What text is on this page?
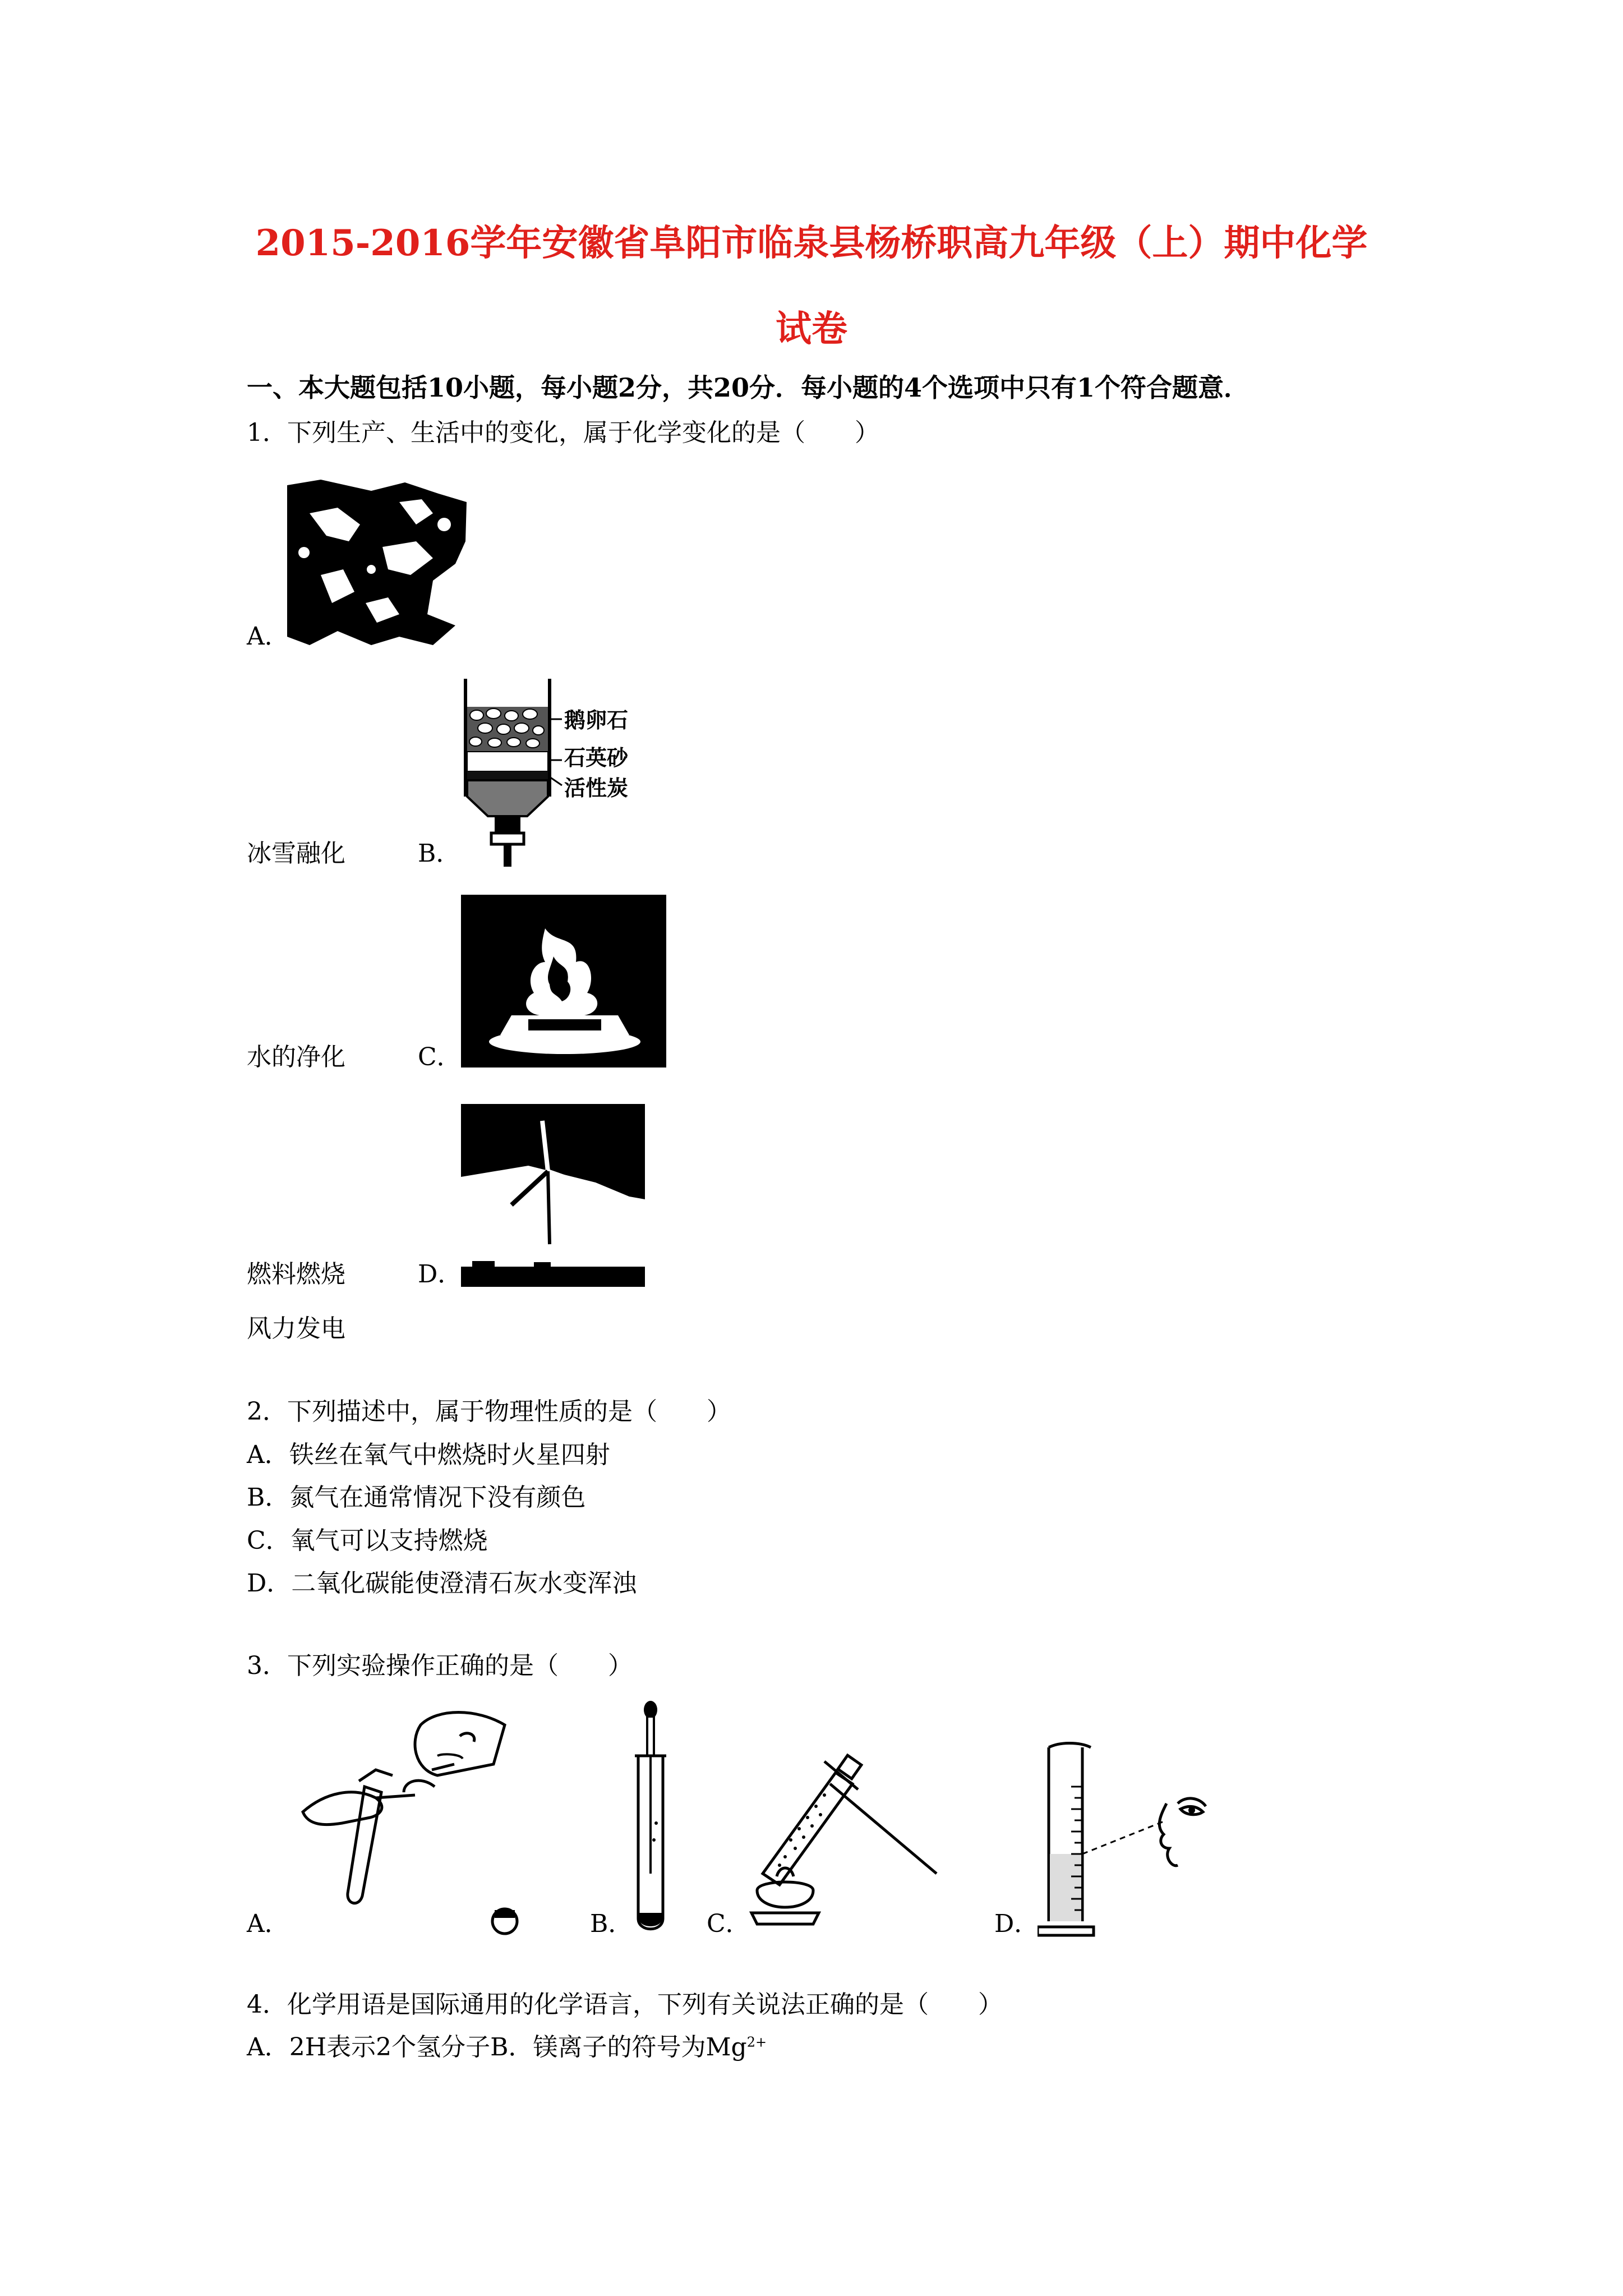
2015-2016学年安徽省阜阳市临泉县杨桥职高九年级（上）期中化学
试卷
一、本大题包括10小题，每小题2分，共20分．每小题的4个选项中只有1个符合题意．
1．下列生产、生活中的变化，属于化学变化的是（　　）
A．
鹅卵石
石英砂
活性炭
冰雪融化	B．
水的净化	C．
燃料燃烧	D．
风力发电
2．下列描述中，属于物理性质的是（　　）
A．铁丝在氧气中燃烧时火星四射
B．氮气在通常情况下没有颜色
C．氧气可以支持燃烧
D．二氧化碳能使澄清石灰水变浑浊
3．下列实验操作正确的是（　　）
A．	B．	C．	D．
4．化学用语是国际通用的化学语言，下列有关说法正确的是（　　）
A．2H表示2个氢分子B．镁离子的符号为$Mg^{2+}$
